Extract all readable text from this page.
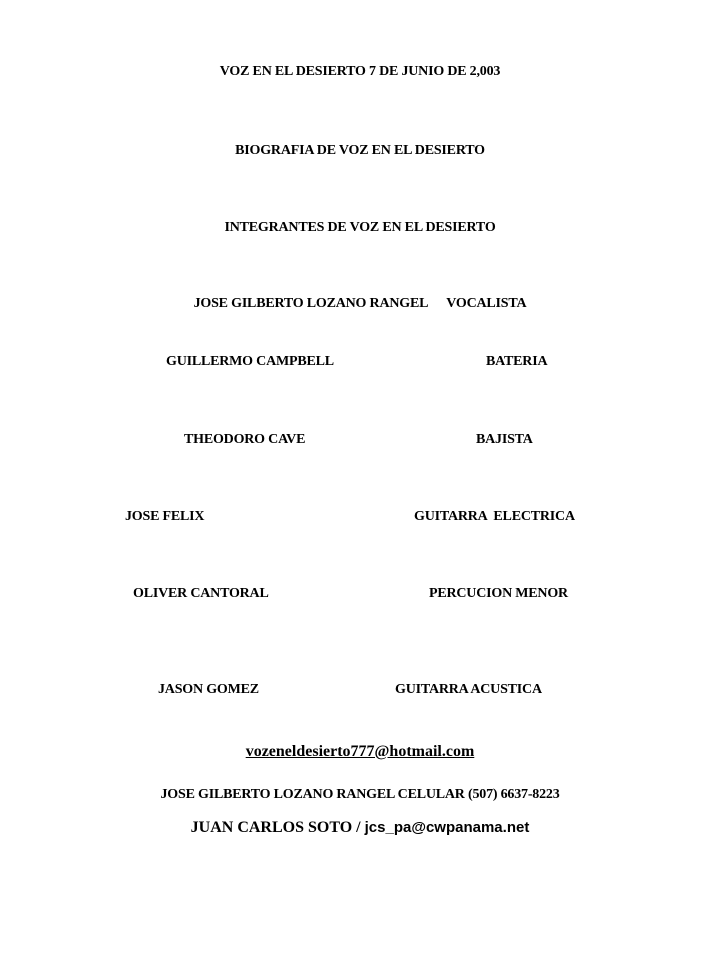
VOZ EN EL DESIERTO 7 DE JUNIO DE 2,003
BIOGRAFIA DE VOZ EN EL DESIERTO
INTEGRANTES DE VOZ EN EL DESIERTO
JOSE GILBERTO LOZANO RANGEL VOCALISTA
GUILLERMO CAMPBELL	BATERIA
THEODORO CAVE	BAJISTA
JOSE FELIX	GUITARRA  ELECTRICA
OLIVER CANTORAL	PERCUCION MENOR
JASON GOMEZ	GUITARRA ACUSTICA
vozeneldesierto777@hotmail.com
JOSE GILBERTO LOZANO RANGEL CELULAR (507) 6637-8223
JUAN CARLOS SOTO / jcs_pa@cwpanama.net
